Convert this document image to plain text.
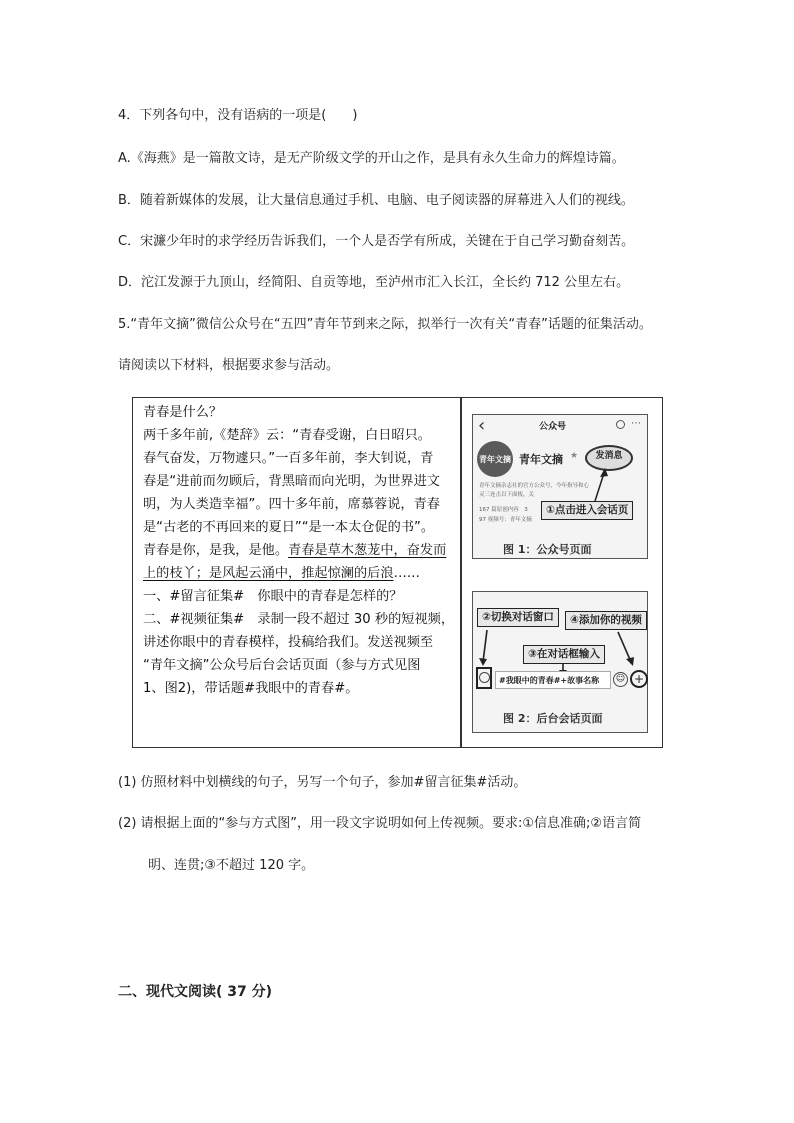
4．下列各句中，没有语病的一项是(　　)
A.《海燕》是一篇散文诗，是无产阶级文学的开山之作，是具有永久生命力的辉煌诗篇。
B．随着新媒体的发展，让大量信息通过手机、电脑、电子阅读器的屏幕进入人们的视线。
C．宋濂少年时的求学经历告诉我们，一个人是否学有所成，关键在于自己学习勤奋刻苦。
D．沱江发源于九顶山，经简阳、自贡等地，至泸州市汇入长江，全长约 712 公里左右。
5.“青年文摘”微信公众号在“五四”青年节到来之际，拟举行一次有关“青春”话题的征集活动。
请阅读以下材料，根据要求参与活动。
青春是什么？
两千多年前,《楚辞》云：“青春受谢，白日昭只。
春气奋发，万物遽只。”一百多年前，李大钊说，青
春是“进前而勿顾后，背黑暗而向光明，为世界进文
明，为人类造幸福”。四十多年前，席慕蓉说，青春
是“古老的不再回来的夏日”“是一本太仓促的书”。
青春是你，是我，是他。青春是草木葱茏中，奋发而
上的枝丫；是风起云涌中，推起惊澜的后浪……
一、#留言征集#　你眼中的青春是怎样的？
二、#视频征集#　录制一段不超过 30 秒的短视频，
讲述你眼中的青春模样，投稿给我们。发送视频至
“青年文摘”公众号后台会话页面（参与方式见图
1、图2)，带话题#我眼中的青春#。
‹	公众号	⋯
青年文摘 青年文摘 ★	发消息
青年文摘杂志社的官方公众号，今年指导和心
灵三连击以下面板，关
167 篇原创内容　3
97 视频号：青年文摘
①点击进入会话页
图 1：公众号页面
②切换对话窗口	④添加你的视频
③在对话框输入
#我眼中的青春#+故事名称	☺ +
图 2：后台会话页面
(1) 仿照材料中划横线的句子，另写一个句子，参加#留言征集#活动。
(2) 请根据上面的“参与方式图”，用一段文字说明如何上传视频。要求:①信息准确;②语言简
明、连贯;③不超过 120 字。
二、现代文阅读( 37 分)
